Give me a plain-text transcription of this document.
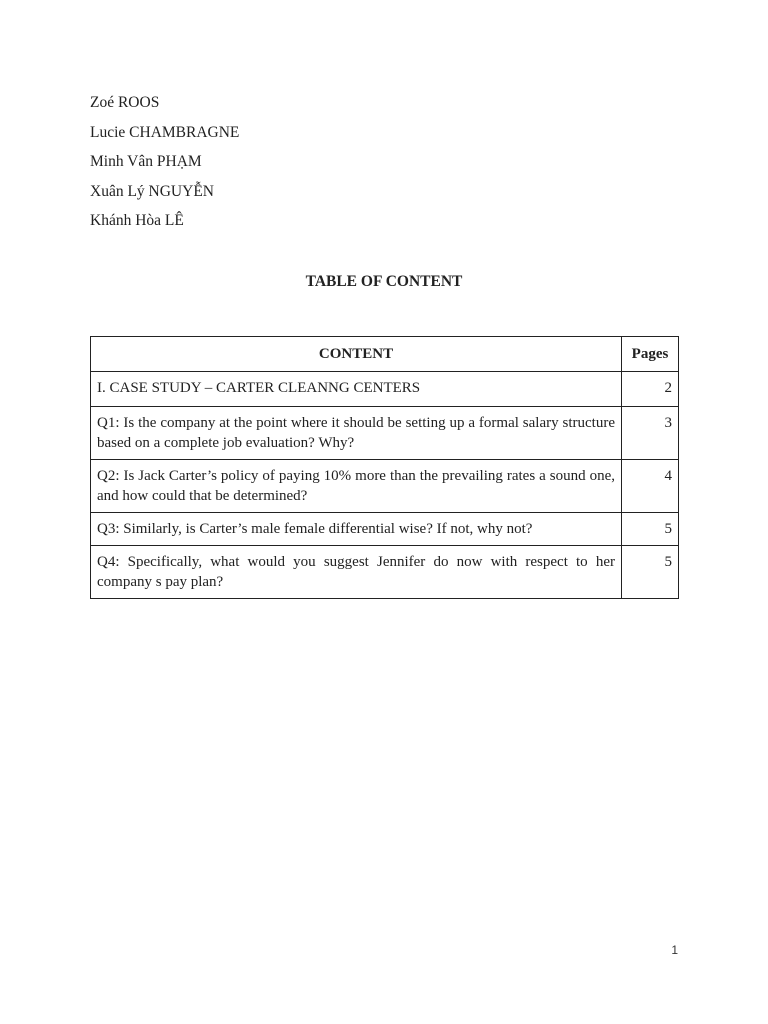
Zoé ROOS
Lucie CHAMBRAGNE
Minh Vân PHẠM
Xuân Lý NGUYỄN
Khánh Hòa LÊ
TABLE OF CONTENT
CONTENT	Pages
I. CASE STUDY – CARTER CLEANNG CENTERS	2
Q1: Is the company at the point where it should be setting up a formal salary structure based on a complete job evaluation? Why?	3
Q2: Is Jack Carter’s policy of paying 10% more than the prevailing rates a sound one, and how could that be determined?	4
Q3: Similarly, is Carter’s male female differential wise? If not, why not?	5
Q4: Specifically, what would you suggest Jennifer do now with respect to her company s pay plan?	5
1
